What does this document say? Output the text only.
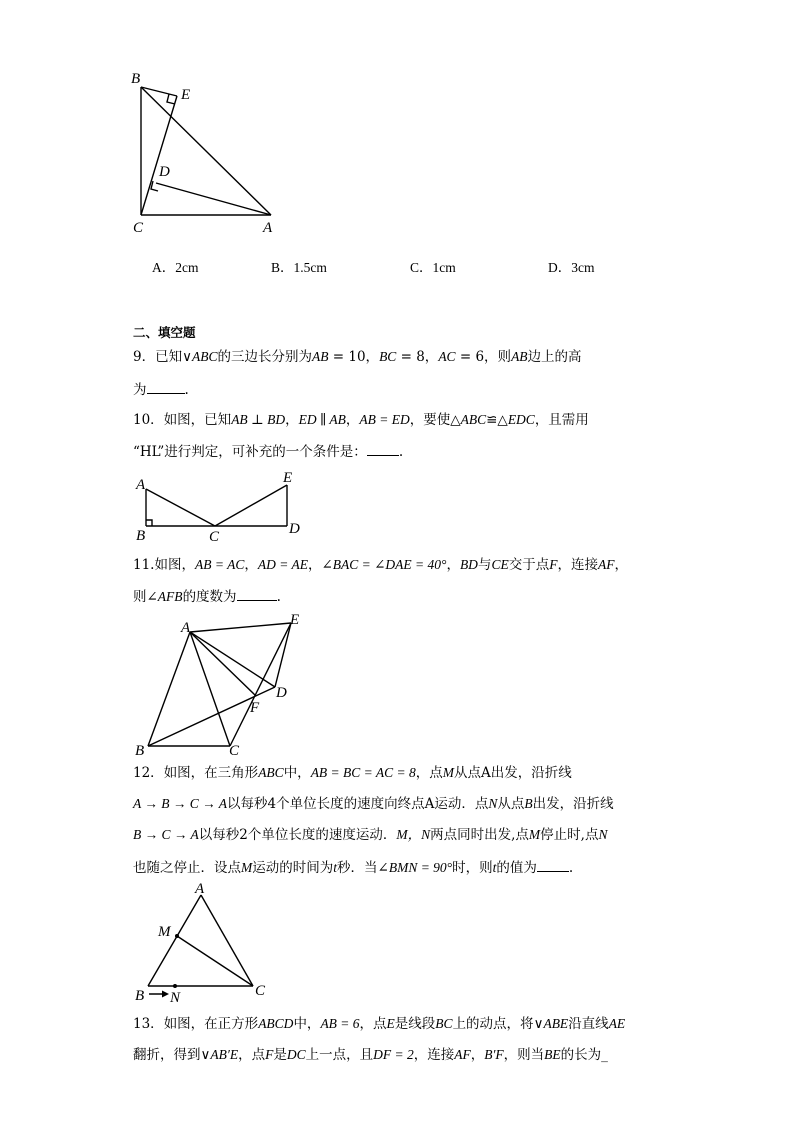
B
E
D
C	A
A．2cm	B．1.5cm	C．1cm	D．3cm
二、填空题
9．已知∨ABC的三边长分别为AB = 10，BC = 8，AC = 6，则AB边上的高
为	.
10．如图，已知AB ⊥ BD，ED ∥ AB，AB = ED，要使△ABC≌△EDC，且需用
“HL”进行判定，可补充的一个条件是： .
A
B	C	D
E
11.如图，AB = AC，AD = AE，∠BAC = ∠DAE = 40°，BD与CE交于点F，连接AF，
则∠AFB的度数为	.
A	E
D
F
B	C
12．如图，在三角形ABC中，AB = BC = AC = 8，点M从点A出发，沿折线
A → B → C → A以每秒4个单位长度的速度向终点A运动．点N从点B出发，沿折线
B → C → A以每秒2个单位长度的速度运动．M，N两点同时出发,点M停止时,点N
也随之停止．设点M运动的时间为t秒．当∠BMN = 90°时，则t的值为 .
A
M
B N	C
13．如图，在正方形ABCD中，AB = 6，点E是线段BC上的动点，将∨ABE沿直线AE
翻折，得到∨AB′E，点F是DC上一点，且DF = 2，连接AF，B′F，则当BE的长为_
